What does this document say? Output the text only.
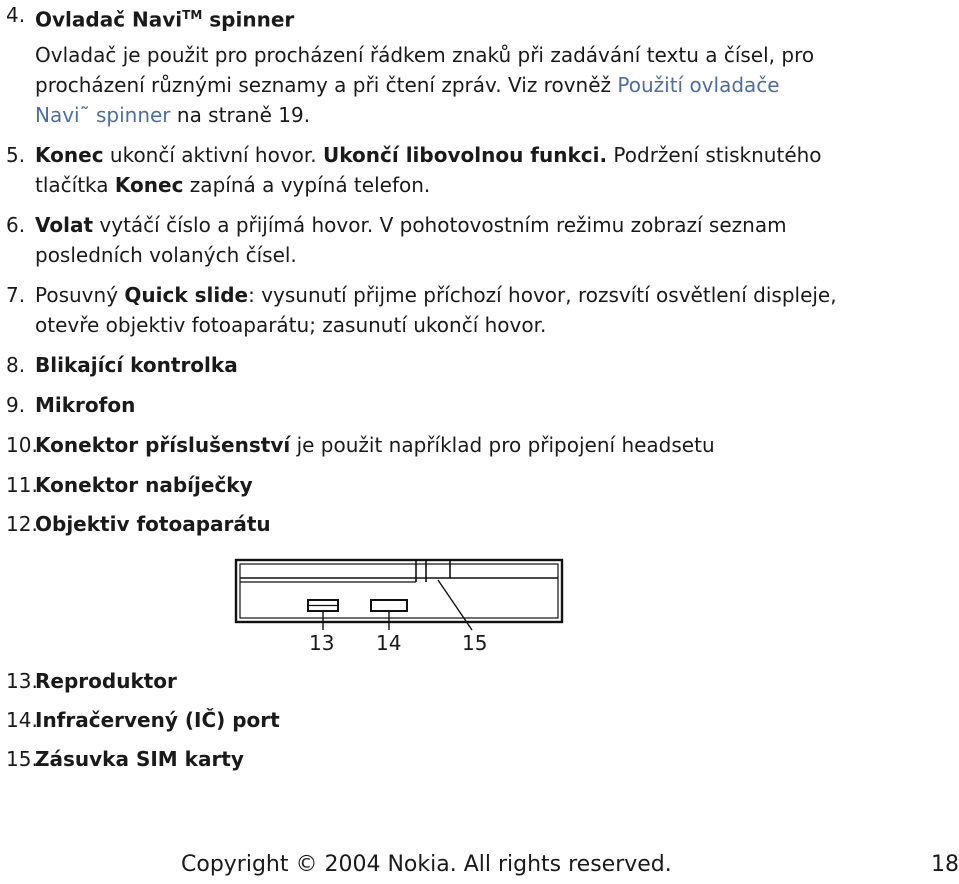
4. Ovladač Navi™ spinner
Ovladač je použit pro procházení řádkem znaků při zadávání textu a čísel, pro
procházení různými seznamy a při čtení zpráv. Viz rovněž Použití ovladače
Navi˜ spinner na straně 19.
5. Konec ukončí aktivní hovor. Ukončí libovolnou funkci. Podržení stisknutého
tlačítka Konec zapíná a vypíná telefon.
6. Volat vytáčí číslo a přijímá hovor. V pohotovostním režimu zobrazí seznam
posledních volaných čísel.
7. Posuvný Quick slide: vysunutí přijme příchozí hovor, rozsvítí osvětlení displeje,
otevře objektiv fotoaparátu; zasunutí ukončí hovor.
8. Blikající kontrolka
9. Mikrofon
10.
Konektor příslušenství je použit například pro připojení headsetu
11.
Konektor nabíječky
12.
Objektiv fotoaparátu
13 14	15
13.
Reproduktor
14.
Infračervený (IČ) port
15.
Zásuvka SIM karty
Copyright © 2004 Nokia. All rights reserved.	18
